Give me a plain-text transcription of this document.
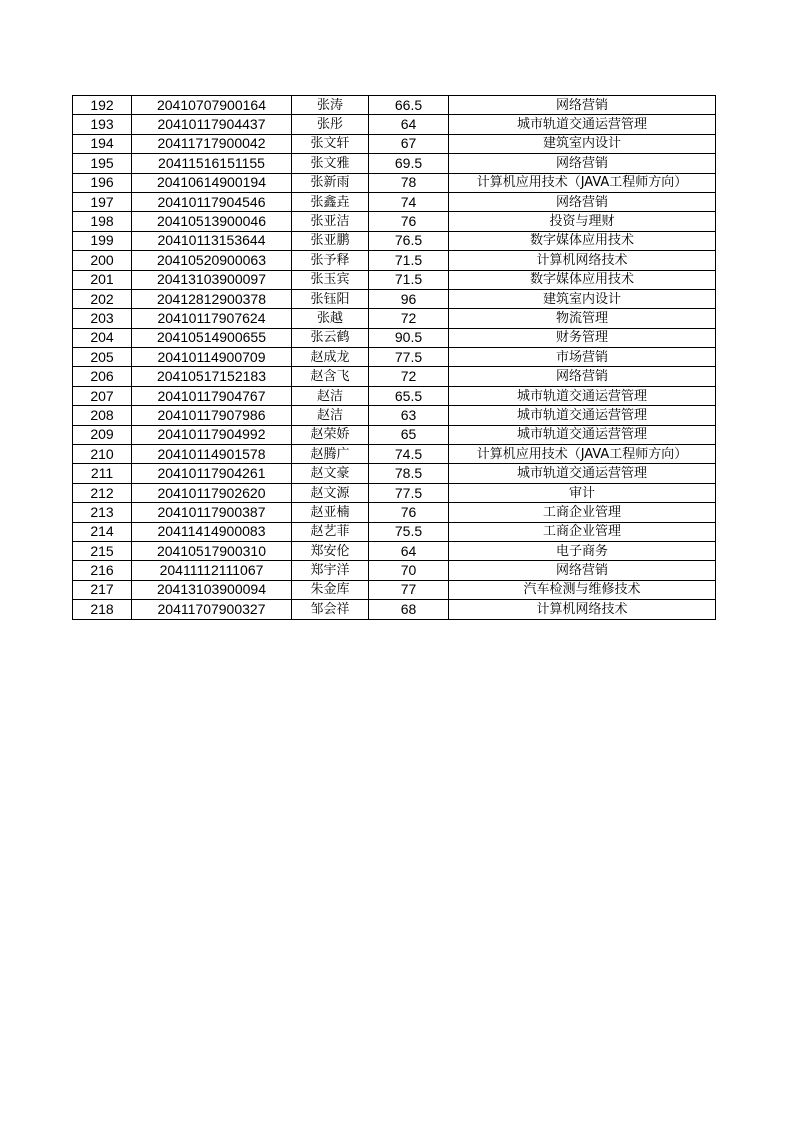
192	20410707900164	张涛	66.5	网络营销
193	20410117904437	张彤	64	城市轨道交通运营管理
194	20411717900042	张文轩	67	建筑室内设计
195	20411516151155	张文雅	69.5	网络营销
196	20410614900194	张新雨	78	计算机应用技术（JAVA工程师方向）
197	20410117904546	张鑫垚	74	网络营销
198	20410513900046	张亚洁	76	投资与理财
199	20410113153644	张亚鹏	76.5	数字媒体应用技术
200	20410520900063	张予释	71.5	计算机网络技术
201	20413103900097	张玉宾	71.5	数字媒体应用技术
202	20412812900378	张钰阳	96	建筑室内设计
203	20410117907624	张越	72	物流管理
204	20410514900655	张云鹤	90.5	财务管理
205	20410114900709	赵成龙	77.5	市场营销
206	20410517152183	赵含飞	72	网络营销
207	20410117904767	赵洁	65.5	城市轨道交通运营管理
208	20410117907986	赵洁	63	城市轨道交通运营管理
209	20410117904992	赵荣娇	65	城市轨道交通运营管理
210	20410114901578	赵腾广	74.5	计算机应用技术（JAVA工程师方向）
211	20410117904261	赵文豪	78.5	城市轨道交通运营管理
212	20410117902620	赵文源	77.5	审计
213	20410117900387	赵亚楠	76	工商企业管理
214	20411414900083	赵艺菲	75.5	工商企业管理
215	20410517900310	郑安伦	64	电子商务
216	20411112111067	郑宇洋	70	网络营销
217	20413103900094	朱金库	77	汽车检测与维修技术
218	20411707900327	邹会祥	68	计算机网络技术
